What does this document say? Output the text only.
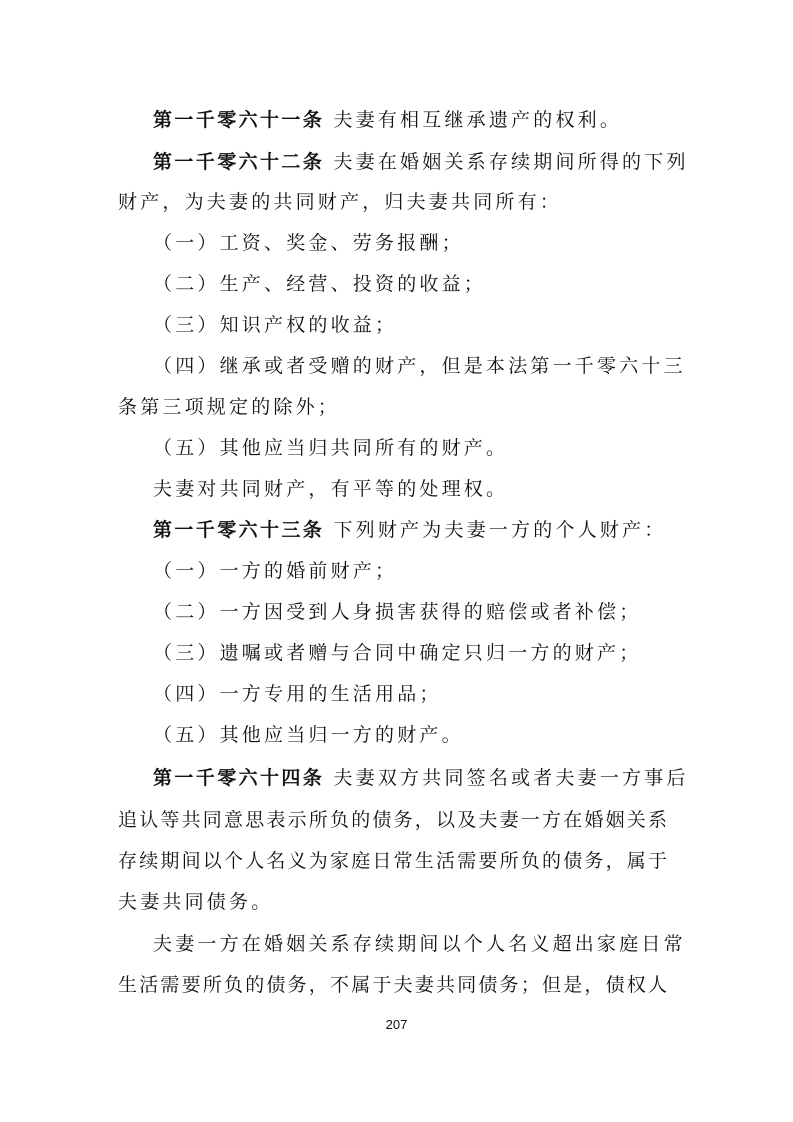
第一千零六十一条 夫妻有相互继承遗产的权利。
第一千零六十二条 夫妻在婚姻关系存续期间所得的下列
财产，为夫妻的共同财产，归夫妻共同所有：
（一）工资、奖金、劳务报酬；
（二）生产、经营、投资的收益；
（三）知识产权的收益；
（四）继承或者受赠的财产，但是本法第一千零六十三
条第三项规定的除外；
（五）其他应当归共同所有的财产。
夫妻对共同财产，有平等的处理权。
第一千零六十三条 下列财产为夫妻一方的个人财产：
（一）一方的婚前财产；
（二）一方因受到人身损害获得的赔偿或者补偿；
（三）遗嘱或者赠与合同中确定只归一方的财产；
（四）一方专用的生活用品；
（五）其他应当归一方的财产。
第一千零六十四条 夫妻双方共同签名或者夫妻一方事后
追认等共同意思表示所负的债务，以及夫妻一方在婚姻关系
存续期间以个人名义为家庭日常生活需要所负的债务，属于
夫妻共同债务。
夫妻一方在婚姻关系存续期间以个人名义超出家庭日常
生活需要所负的债务，不属于夫妻共同债务；但是，债权人
207
